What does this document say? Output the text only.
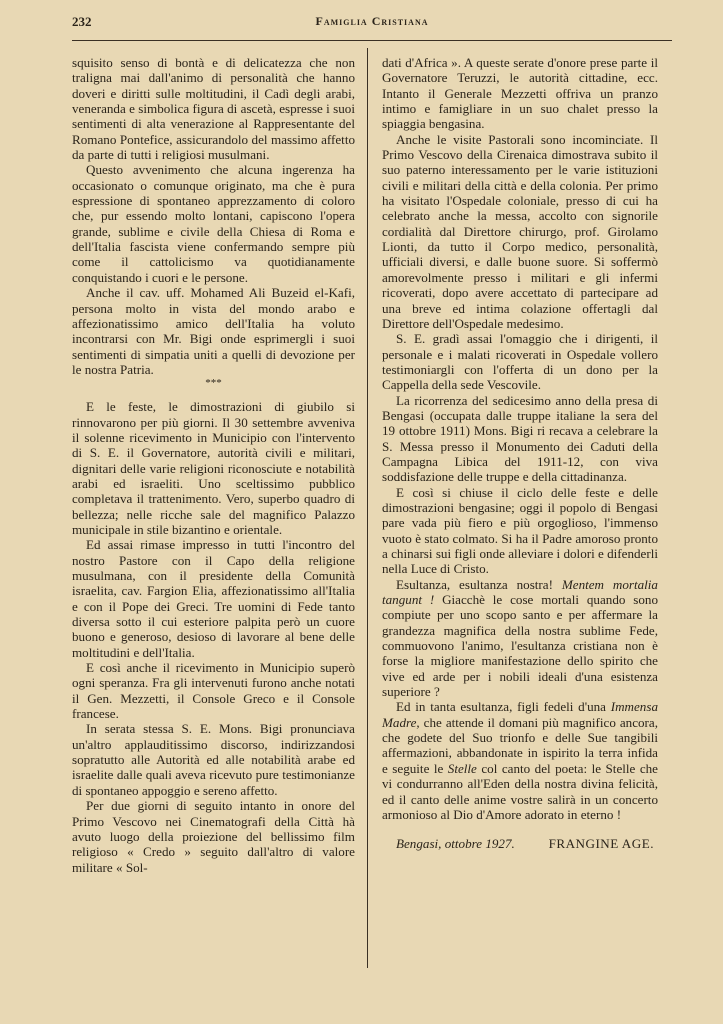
232	Famiglia Cristiana

squisito senso di bontà e di delicatezza che non traligna mai dall'animo di personalità che hanno doveri e diritti sulle moltitudini, il Cadì degli arabi, veneranda e simbolica figura di ascetà, espresse i suoi sentimenti di alta venerazione al Rappresentante del Romano Pontefice, assicurandolo del massimo affetto da parte di tutti i religiosi musulmani.

Questo avvenimento che alcuna ingerenza ha occasionato o comunque originato, ma che è pura espressione di spontaneo apprezzamento di coloro che, pur essendo molto lontani, capiscono l'opera grande, sublime e civile della Chiesa di Roma e dell'Italia fascista viene confermando sempre più come il cattolicismo va quotidianamente conquistando i cuori e le persone.

Anche il cav. uff. Mohamed Ali Buzeid el-Kafi, persona molto in vista del mondo arabo e affezionatissimo amico dell'Italia ha voluto incontrarsi con Mr. Bigi onde esprimergli i suoi sentimenti di simpatia uniti a quelli di devozione per le nostra Patria.

***

E le feste, le dimostrazioni di giubilo si rinnovarono per più giorni. Il 30 settembre avveniva il solenne ricevimento in Municipio con l'intervento di S. E. il Governatore, autorità civili e militari, dignitari delle varie religioni riconosciute e notabilità arabi ed israeliti. Uno sceltissimo pubblico completava il trattenimento. Vero, superbo quadro di bellezza; nelle ricche sale del magnifico Palazzo municipale in stile bizantino e orientale.

Ed assai rimase impresso in tutti l'incontro del nostro Pastore con il Capo della religione musulmana, con il presidente della Comunità israelita, cav. Fargion Elia, affezionatissimo all'Italia e con il Pope dei Greci. Tre uomini di Fede tanto diversa sotto il cui esteriore palpita però un cuore buono e generoso, desioso di lavorare al bene delle moltitudini e dell'Italia.

E così anche il ricevimento in Municipio superò ogni speranza. Fra gli intervenuti furono anche notati il Gen. Mezzetti, il Console Greco e il Console francese.

In serata stessa S. E. Mons. Bigi pronunciava un'altro applauditissimo discorso, indirizzandosi sopratutto alle Autorità ed alle notabilità arabe ed israelite dalle quali aveva ricevuto pure testimonianze di spontaneo appoggio e sereno affetto.

Per due giorni di seguito intanto in onore del Primo Vescovo nei Cinematografi della Città hà avuto luogo della proiezione del bellissimo film religioso « Credo » seguito dall'altro di valore militare « Sol-

dati d'Africa ». A queste serate d'onore prese parte il Governatore Teruzzi, le autorità cittadine, ecc. Intanto il Generale Mezzetti offriva un pranzo intimo e famigliare in un suo chalet presso la spiaggia bengasina.

Anche le visite Pastorali sono incominciate. Il Primo Vescovo della Cirenaica dimostrava subito il suo paterno interessamento per le varie istituzioni civili e militari della città e della colonia. Per primo ha visitato l'Ospedale coloniale, presso di cui ha celebrato anche la messa, accolto con signorile cordialità dal Direttore chirurgo, prof. Girolamo Lionti, da tutto il Corpo medico, personalità, ufficiali diversi, e dalle buone suore. Si soffermò amorevolmente presso i militari e gli infermi ricoverati, dopo avere accettato di partecipare ad una breve ed intima colazione offertagli dal Direttore dell'Ospedale medesimo.

S. E. gradì assai l'omaggio che i dirigenti, il personale e i malati ricoverati in Ospedale vollero testimoniargli con l'offerta di un dono per la Cappella della sede Vescovile.

La ricorrenza del sedicesimo anno della presa di Bengasi (occupata dalle truppe italiane la sera del 19 ottobre 1911) Mons. Bigi ri recava a celebrare la S. Messa presso il Monumento dei Caduti della Campagna Libica del 1911-12, con viva soddisfazione delle truppe e della cittadinanza.

E così si chiuse il ciclo delle feste e delle dimostrazioni bengasine; oggi il popolo di Bengasi pare vada più fiero e più orgoglioso, l'immenso vuoto è stato colmato. Si ha il Padre amoroso pronto a chinarsi sui figli onde alleviare i dolori e difenderli nella Luce di Cristo.

Esultanza, esultanza nostra! Mentem mortalia tangunt ! Giacchè le cose mortali quando sono compiute per uno scopo santo e per affermare la grandezza magnifica della nostra sublime Fede, commuovono l'animo, l'esultanza cristiana non è forse la migliore manifestazione dello spirito che vive ed arde per i nobili ideali d'una esistenza superiore ?

Ed in tanta esultanza, figli fedeli d'una Immensa Madre, che attende il domani più magnifico ancora, che godete del Suo trionfo e delle Sue tangibili affermazioni, abbandonate in ispirito la terra infida e seguite le Stelle col canto del poeta: le Stelle che vi condurranno all'Eden della nostra divina felicità, ed il canto delle anime vostre salirà in un concerto armonioso al Dio d'Amore adorato in eterno !

Bengasi, ottobre 1927.	FRANGINE AGE.
